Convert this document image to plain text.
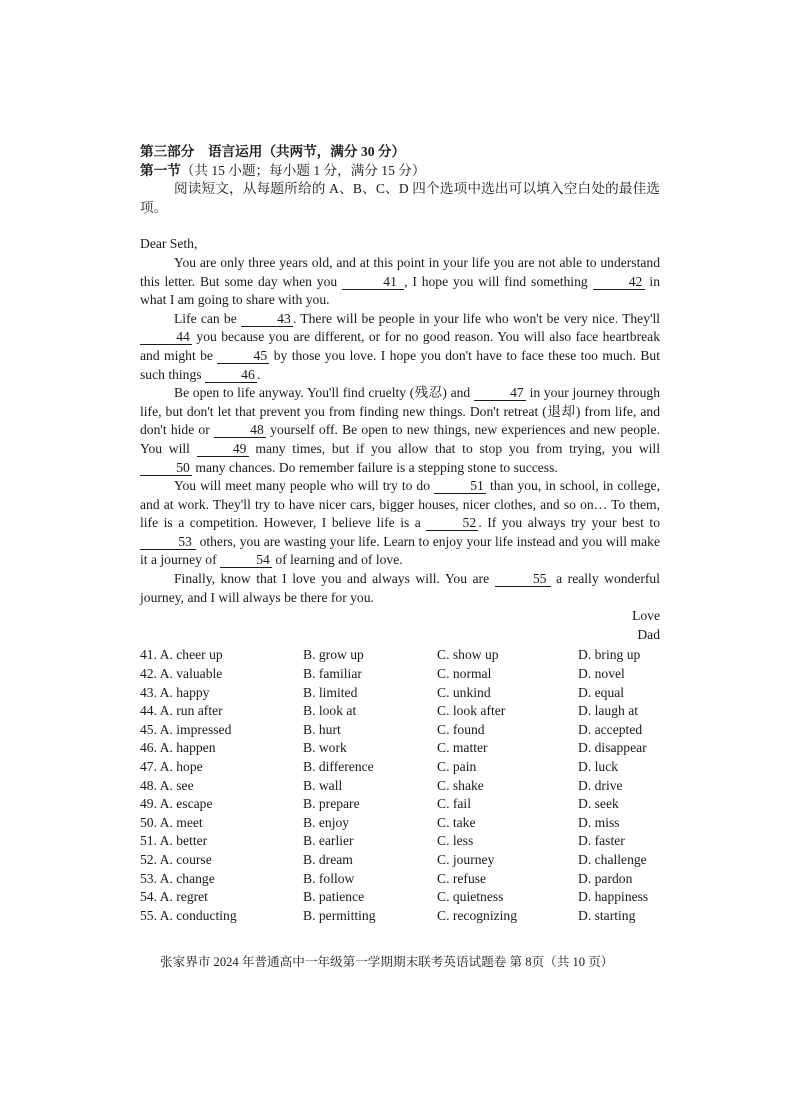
第三部分　语言运用（共两节，满分 30 分）
第一节（共 15 小题；每小题 1 分，满分 15 分）

阅读短文，从每题所给的 A、B、C、D 四个选项中选出可以填入空白处的最佳选项。

Dear Seth,

You are only three years old, and at this point in your life you are not able to understand this letter. But some day when you	41 , I hope you will find something	42 in what I am going to share with you.

Life can be	43 . There will be people in your life who won't be very nice. They'll 44 you because you are different, or for no good reason. You will also face heartbreak and might be	45 by those you love. I hope you don't have to face these too much. But such things	46 .

Be open to life anyway. You'll find cruelty (残忍) and	47 in your journey through life, but don't let that prevent you from finding new things. Don't retreat (退却) from life, and don't hide or	48 yourself off. Be open to new things, new experiences and new people. You will	49 many times, but if you allow that to stop you from trying, you will 50 many chances. Do remember failure is a stepping stone to success.

You will meet many people who will try to do	51 than you, in school, in college, and at work. They'll try to have nicer cars, bigger houses, nicer clothes, and so on… To them, life is a competition. However, I believe life is a	52 . If you always try your best to 53 others, you are wasting your life. Learn to enjoy your life instead and you will make it a journey of	54 of learning and of love.

Finally, know that I love you and always will. You are	55 a really wonderful journey, and I will always be there for you.

Love

Dad

41. A. cheer up	B. grow up	C. show up	D. bring up
42. A. valuable	B. familiar	C. normal	D. novel
43. A. happy	B. limited	C. unkind	D. equal
44. A. run after	B. look at	C. look after	D. laugh at
45. A. impressed	B. hurt	C. found	D. accepted
46. A. happen	B. work	C. matter	D. disappear
47. A. hope	B. difference	C. pain	D. luck
48. A. see	B. wall	C. shake	D. drive
49. A. escape	B. prepare	C. fail	D. seek
50. A. meet	B. enjoy	C. take	D. miss
51. A. better	B. earlier	C. less	D. faster
52. A. course	B. dream	C. journey	D. challenge
53. A. change	B. follow	C. refuse	D. pardon
54. A. regret	B. patience	C. quietness	D. happiness
55. A. conducting	B. permitting	C. recognizing	D. starting
张家界市 2024 年普通高中一年级第一学期期末联考英语试题卷 第 8页（共 10 页）
